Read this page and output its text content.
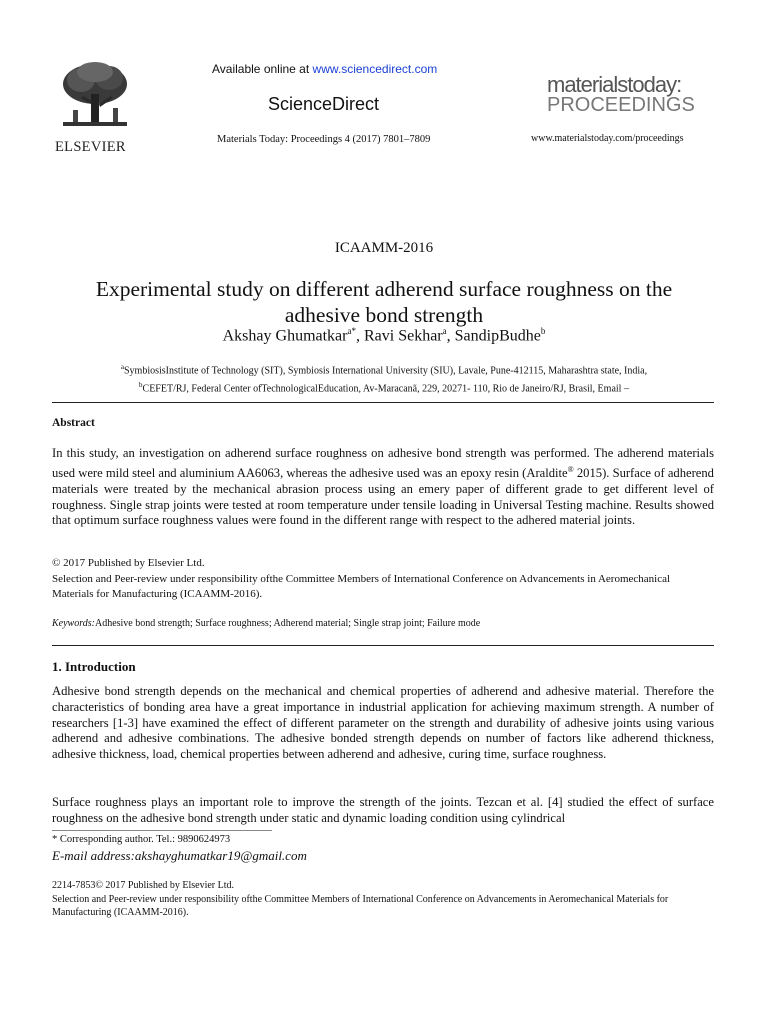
ELSEVIER
Available online at www.sciencedirect.com
ScienceDirect
Materials Today: Proceedings 4 (2017) 7801–7809
materialstoday:
PROCEEDINGS
www.materialstoday.com/proceedings
ICAAMM-2016
Experimental study on different adherend surface roughness on the
adhesive bond strength
Akshay Ghumatkar$^{a*}$, Ravi Sekhar$^a$, SandipBudhe$^b$
$^a$SymbiosisInstitute of Technology (SIT), Symbiosis International University (SIU), Lavale, Pune-412115, Maharashtra state, India,
$^b$CEFET/RJ, Federal Center ofTechnologicalEducation, Av-Maracanã, 229, 20271- 110, Rio de Janeiro/RJ, Brasil, Email –
Abstract
In this study, an investigation on adherend surface roughness on adhesive bond strength was performed. The adherend materials used were mild steel and aluminium AA6063, whereas the adhesive used was an epoxy resin (Araldite® 2015). Surface of adherend materials were treated by the mechanical abrasion process using an emery paper of different grade to get different level of roughness. Single strap joints were tested at room temperature under tensile loading in Universal Testing machine. Results showed that optimum surface roughness values were found in the different range with respect to the adhered material joints.
© 2017 Published by Elsevier Ltd.
Selection and Peer-review under responsibility ofthe Committee Members of International Conference on Advancements in Aeromechanical Materials for Manufacturing (ICAAMM-2016).
Keywords:Adhesive bond strength; Surface roughness; Adherend material; Single strap joint; Failure mode
1. Introduction
Adhesive bond strength depends on the mechanical and chemical properties of adherend and adhesive material. Therefore the characteristics of bonding area have a great importance in industrial application for achieving maximum strength. A number of researchers [1-3] have examined the effect of different parameter on the strength and durability of adhesive joints using various adherend and adhesive combinations. The adhesive bonded strength depends on number of factors like adherend thickness, adhesive thickness, load, chemical properties between adherend and adhesive, curing time, surface roughness.
Surface roughness plays an important role to improve the strength of the joints. Tezcan et al. [4] studied the effect of surface roughness on the adhesive bond strength under static and dynamic loading condition using cylindrical
* Corresponding author. Tel.: 9890624973
E-mail address:akshayghumatkar19@gmail.com
2214-7853© 2017 Published by Elsevier Ltd.
Selection and Peer-review under responsibility ofthe Committee Members of International Conference on Advancements in Aeromechanical Materials for Manufacturing (ICAAMM-2016).
